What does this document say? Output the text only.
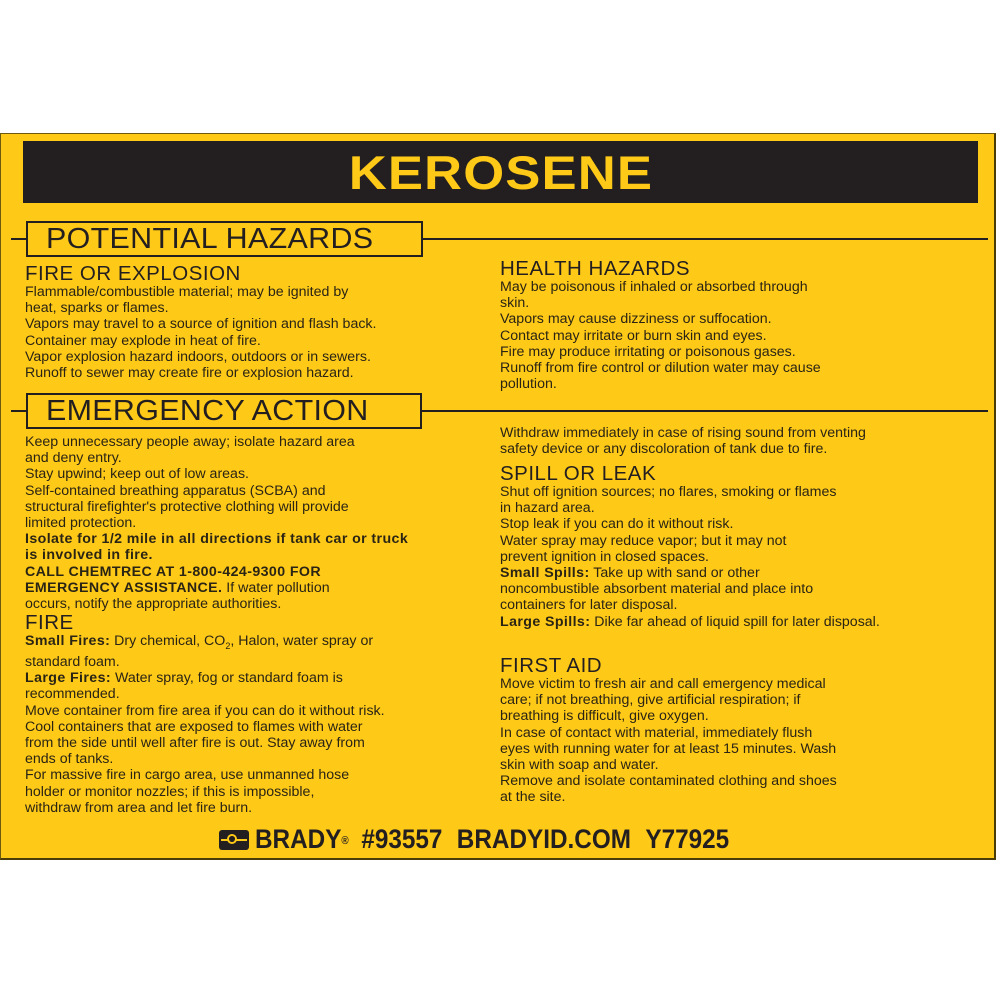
KEROSENE
POTENTIAL HAZARDS
FIRE OR EXPLOSION

Flammable/combustible material; may be ignited by

heat, sparks or flames.

Vapors may travel to a source of ignition and flash back.

Container may explode in heat of fire.

Vapor explosion hazard indoors, outdoors or in sewers.

Runoff to sewer may create fire or explosion hazard.

HEALTH HAZARDS

May be poisonous if inhaled or absorbed through

skin.

Vapors may cause dizziness or suffocation.

Contact may irritate or burn skin and eyes.

Fire may produce irritating or poisonous gases.

Runoff from fire control or dilution water may cause

pollution.

EMERGENCY ACTION

Keep unnecessary people away; isolate hazard area

and deny entry.

Stay upwind; keep out of low areas.

Self-contained breathing apparatus (SCBA) and

structural firefighter's protective clothing will provide

limited protection.

Isolate for 1/2 mile in all directions if tank car or truck

is involved in fire.

CALL CHEMTREC AT 1-800-424-9300 FOR

EMERGENCY ASSISTANCE. If water pollution

occurs, notify the appropriate authorities.

FIRE

Small Fires: Dry chemical, $CO_2$, Halon, water spray or

standard foam.

Large Fires: Water spray, fog or standard foam is

recommended.

Move container from fire area if you can do it without risk.

Cool containers that are exposed to flames with water

from the side until well after fire is out. Stay away from

ends of tanks.

For massive fire in cargo area, use unmanned hose

holder or monitor nozzles; if this is impossible,

withdraw from area and let fire burn.

Withdraw immediately in case of rising sound from venting

safety device or any discoloration of tank due to fire.

SPILL OR LEAK

Shut off ignition sources; no flares, smoking or flames

in hazard area.

Stop leak if you can do it without risk.

Water spray may reduce vapor; but it may not

prevent ignition in closed spaces.

Small Spills: Take up with sand or other

noncombustible absorbent material and place into

containers for later disposal.

Large Spills: Dike far ahead of liquid spill for later disposal.

FIRST AID

Move victim to fresh air and call emergency medical

care; if not breathing, give artificial respiration; if

breathing is difficult, give oxygen.

In case of contact with material, immediately flush

eyes with running water for at least 15 minutes. Wash

skin with soap and water.

Remove and isolate contaminated clothing and shoes

at the site.

BRADY® #93557 BRADYID.COM Y77925
